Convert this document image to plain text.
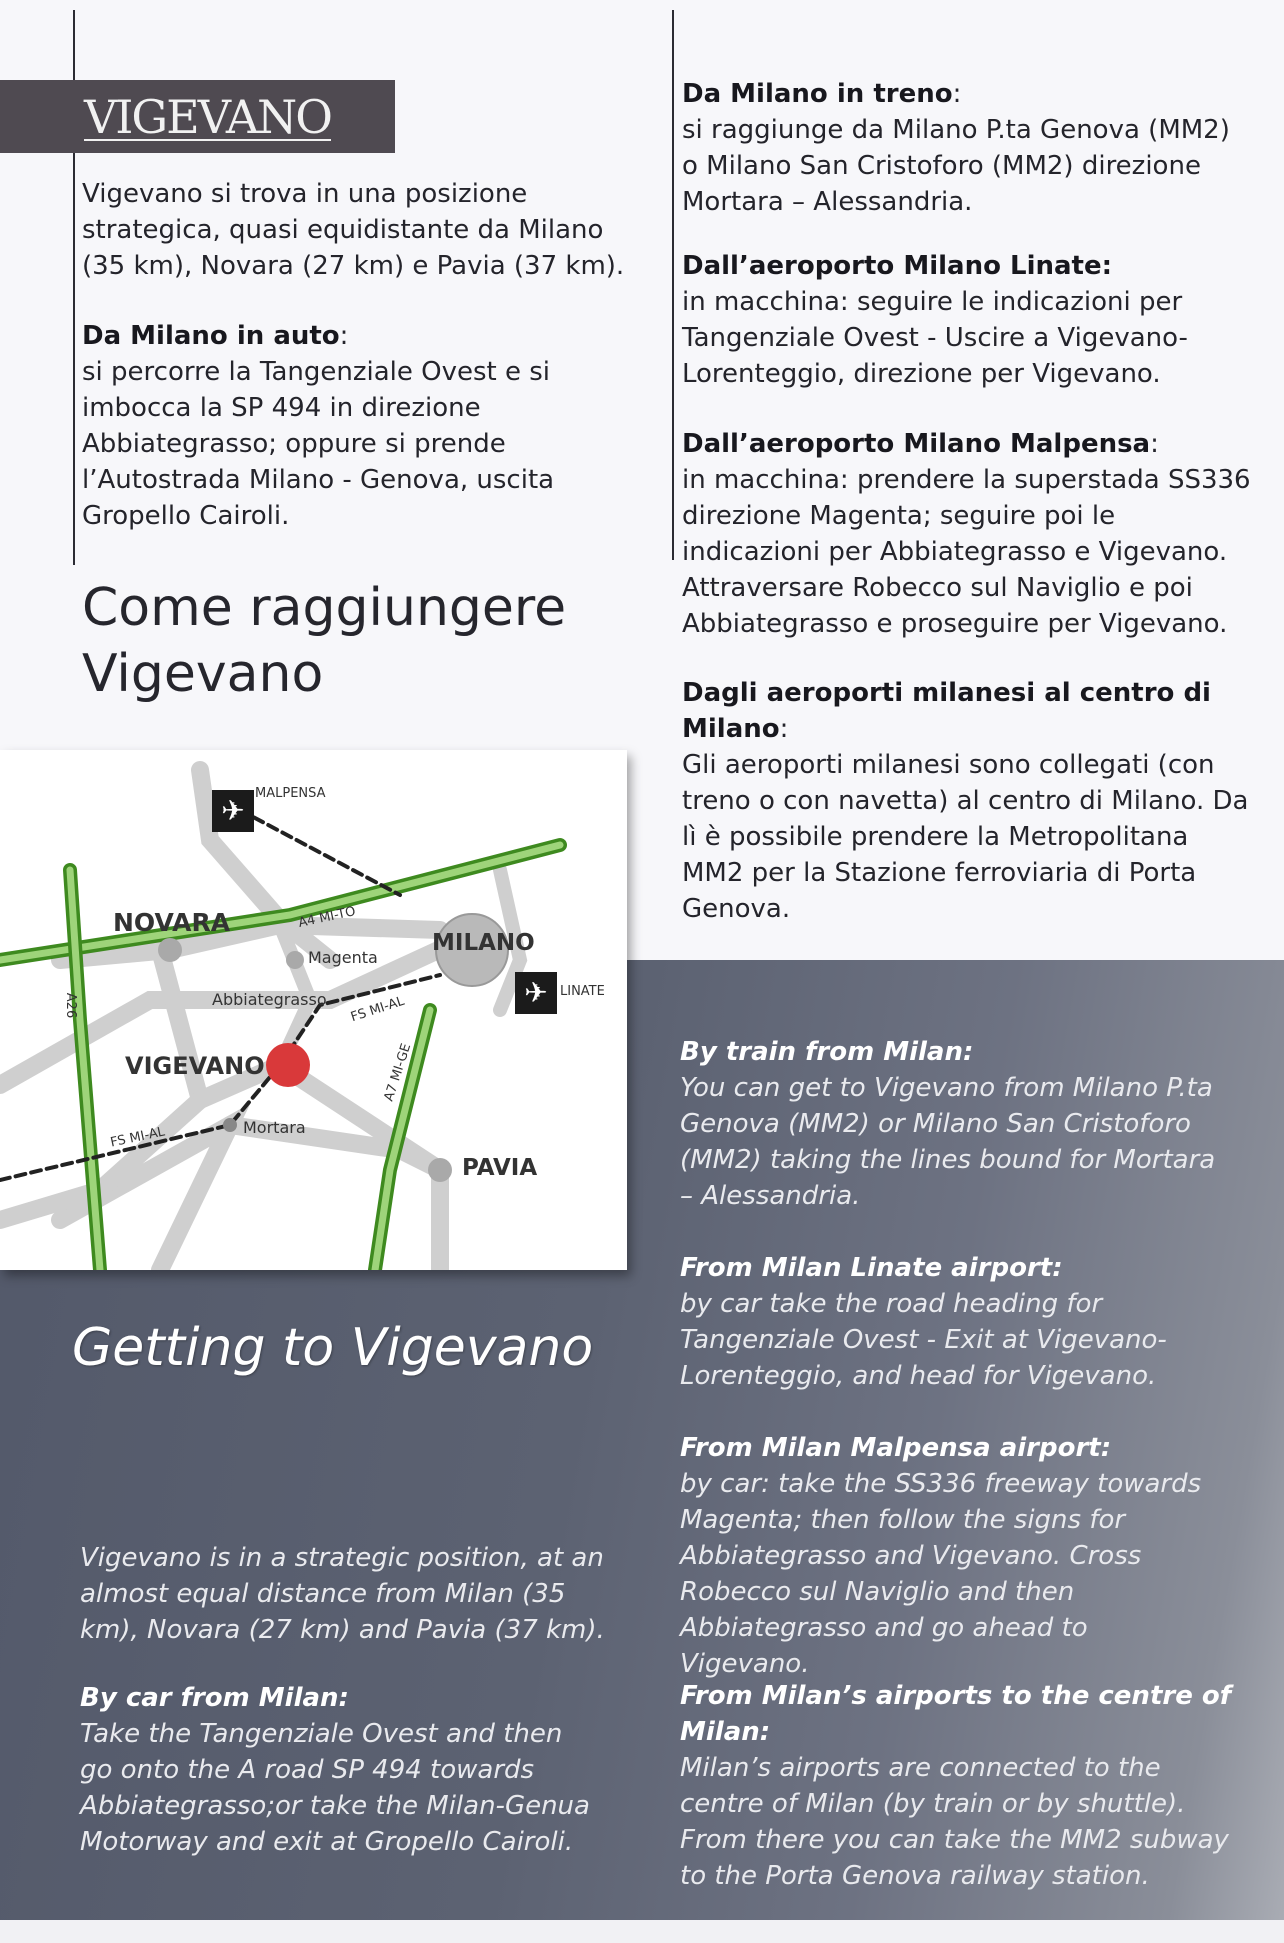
VIGEVANO

Vigevano si trova in una posizione strategica, quasi equidistante da Milano (35 km), Novara (27 km) e Pavia (37 km).

Da Milano in auto:
si percorre la Tangenziale Ovest e si imbocca la SP 494 in direzione Abbiategrasso; oppure si prende l’Autostrada Milano - Genova, uscita Gropello Cairoli.

Come raggiungere
Vigevano

Da Milano in treno:
si raggiunge da Milano P.ta Genova (MM2) o Milano San Cristoforo (MM2) direzione Mortara – Alessandria.

Dall’aeroporto Milano Linate:
in macchina: seguire le indicazioni per Tangenziale Ovest - Uscire a Vigevano-Lorenteggio, direzione per Vigevano.

Dall’aeroporto Milano Malpensa:
in macchina: prendere la superstada SS336 direzione Magenta; seguire poi le indicazioni per Abbiategrasso e Vigevano. Attraversare Robecco sul Naviglio e poi Abbiategrasso e proseguire per Vigevano.

Dagli aeroporti milanesi al centro di Milano:
Gli aeroporti milanesi sono collegati (con treno o con navetta) al centro di Milano. Da lì è possibile prendere la Metropolitana MM2 per la Stazione ferroviaria di Porta Genova.

✈

MALPENSA

✈ LINATE

NOVARA

MILANO

VIGEVANO

PAVIA

Magenta

Abbiategrasso

Mortara

A4 MI-TO

A26	FS MI-AL

A7 MI-GE

FS MI-AL

Getting to Vigevano

Vigevano is in a strategic position, at an almost equal distance from Milan (35 km), Novara (27 km) and Pavia (37 km).

By car from Milan:
Take the Tangenziale Ovest and then go onto the A road SP 494 towards Abbiategrasso;or take the Milan-Genua Motorway and exit at Gropello Cairoli.

By train from Milan:
You can get to Vigevano from Milano P.ta Genova (MM2) or Milano San Cristoforo (MM2) taking the lines bound for Mortara – Alessandria.

From Milan Linate airport:
by car take the road heading for Tangenziale Ovest - Exit at Vigevano-Lorenteggio, and head for Vigevano.

From Milan Malpensa airport:
by car: take the SS336 freeway towards Magenta; then follow the signs for Abbiategrasso and Vigevano. Cross Robecco sul Naviglio and then Abbiategrasso and go ahead to Vigevano.

From Milan’s airports to the centre of Milan:
Milan’s airports are connected to the centre of Milan (by train or by shuttle). From there you can take the MM2 subway to the Porta Genova railway station.
